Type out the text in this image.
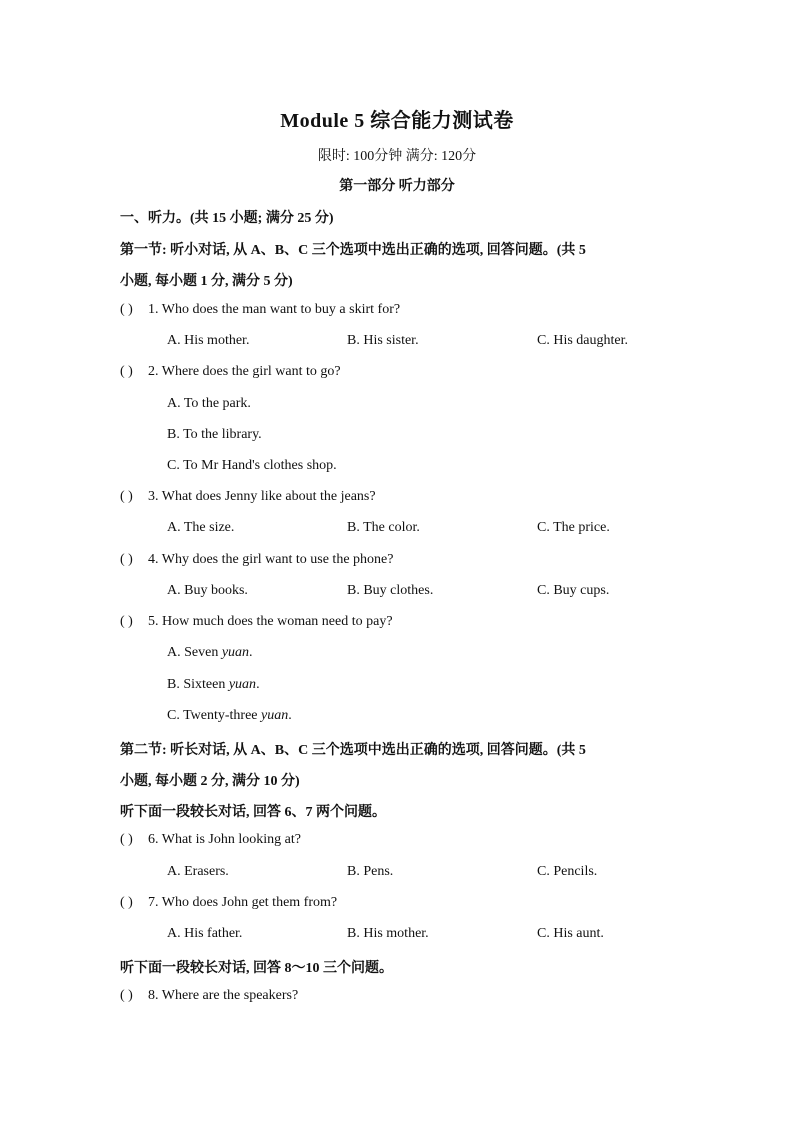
Module 5 综合能力测试卷
限时: 100分钟 满分: 120分
第一部分 听力部分
一、听力。(共 15 小题; 满分 25 分)
第一节: 听小对话, 从 A、B、C 三个选项中选出正确的选项, 回答问题。(共 5
小题, 每小题 1 分, 满分 5 分)
( ) 1. Who does the man want to buy a skirt for?
A. His mother.	B. His sister.	C. His daughter.
( ) 2. Where does the girl want to go?
A. To the park.
B. To the library.
C. To Mr Hand's clothes shop.
( ) 3. What does Jenny like about the jeans?
A. The size.	B. The color.	C. The price.
( ) 4. Why does the girl want to use the phone?
A. Buy books.	B. Buy clothes.	C. Buy cups.
( ) 5. How much does the woman need to pay?
A. Seven yuan.
B. Sixteen yuan.
C. Twenty-three yuan.
第二节: 听长对话, 从 A、B、C 三个选项中选出正确的选项, 回答问题。(共 5
小题, 每小题 2 分, 满分 10 分)
听下面一段较长对话, 回答 6、7 两个问题。
( ) 6. What is John looking at?
A. Erasers.	B. Pens.	C. Pencils.
( ) 7. Who does John get them from?
A. His father.	B. His mother.	C. His aunt.
听下面一段较长对话, 回答 8～10 三个问题。
( ) 8. Where are the speakers?
